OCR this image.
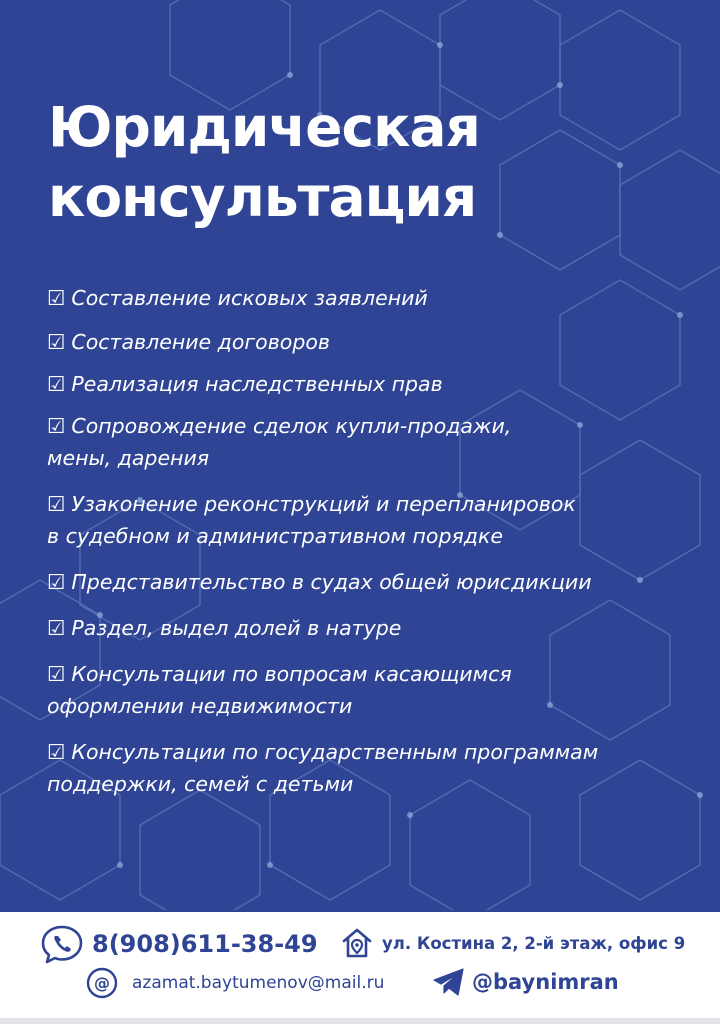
Юридическая
консультация
☑ Составление исковых заявлений
☑ Составление договоров
☑ Реализация наследственных прав
☑ Сопровождение сделок купли-продажи,
мены, дарения
☑ Узаконение реконструкций и перепланировок
в судебном и административном порядке
☑ Представительство в судах общей юрисдикции
☑ Раздел, выдел долей в натуре
☑ Консультации по вопросам касающимся
оформлении недвижимости
☑ Консультации по государственным программам
поддержки, семей с детьми
8(908)611-38-49	ул. Костина 2, 2-й этаж, офис 9
@ azamat.baytumenov@mail.ru	@baynimran
